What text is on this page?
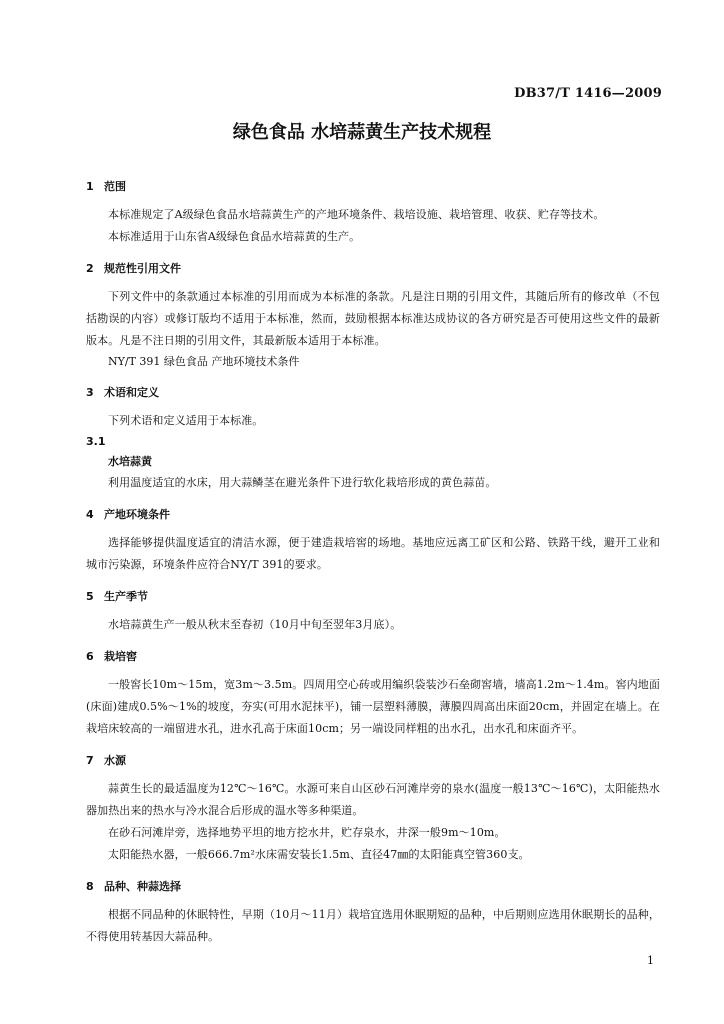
DB37/T 1416—2009
绿色食品 水培蒜黄生产技术规程

1 范围

本标准规定了A级绿色食品水培蒜黄生产的产地环境条件、栽培设施、栽培管理、收获、贮存等技术。

本标准适用于山东省A级绿色食品水培蒜黄的生产。

2 规范性引用文件

下列文件中的条款通过本标准的引用而成为本标准的条款。凡是注日期的引用文件，其随后所有的修改单（不包括勘误的内容）或修订版均不适用于本标准，然而，鼓励根据本标准达成协议的各方研究是否可使用这些文件的最新版本。凡是不注日期的引用文件，其最新版本适用于本标准。

NY/T 391 绿色食品 产地环境技术条件

3 术语和定义

下列术语和定义适用于本标准。

3.1

水培蒜黄

利用温度适宜的水床，用大蒜鳞茎在避光条件下进行软化栽培形成的黄色蒜苗。

4 产地环境条件

选择能够提供温度适宜的清洁水源，便于建造栽培窖的场地。基地应远离工矿区和公路、铁路干线，避开工业和城市污染源，环境条件应符合NY/T 391的要求。

5 生产季节

水培蒜黄生产一般从秋末至春初（10月中旬至翌年3月底）。

6 栽培窖

一般窖长10m～15m，宽3m～3.5m。四周用空心砖或用编织袋装沙石垒砌窖墙，墙高1.2m～1.4m。窖内地面(床面)建成0.5%～1%的坡度，夯实(可用水泥抹平)，铺一层塑料薄膜，薄膜四周高出床面20cm，并固定在墙上。在栽培床较高的一端留进水孔，进水孔高于床面10cm；另一端设同样粗的出水孔，出水孔和床面齐平。

7 水源

蒜黄生长的最适温度为12℃～16℃。水源可来自山区砂石河滩岸旁的泉水(温度一般13℃～16℃)，太阳能热水器加热出来的热水与冷水混合后形成的温水等多种渠道。

在砂石河滩岸旁，选择地势平坦的地方挖水井，贮存泉水，井深一般9m～10m。

太阳能热水器，一般666.7m²水床需安装长1.5m、直径47㎜的太阳能真空管360支。

8 品种、种蒜选择

根据不同品种的休眠特性，早期（10月～11月）栽培宜选用休眠期短的品种，中后期则应选用休眠期长的品种，不得使用转基因大蒜品种。

1
